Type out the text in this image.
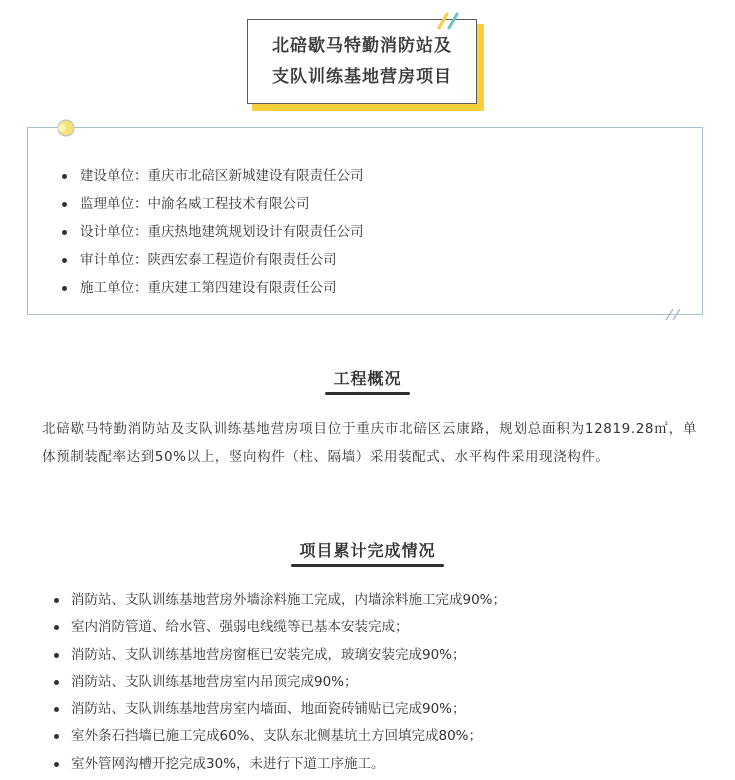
北碚歇马特勤消防站及
支队训练基地营房项目
建设单位：重庆市北碚区新城建设有限责任公司
监理单位：中渝名威工程技术有限公司
设计单位：重庆热地建筑规划设计有限责任公司
审计单位：陕西宏泰工程造价有限责任公司
施工单位：重庆建工第四建设有限责任公司
工程概况
北碚歇马特勤消防站及支队训练基地营房项目位于重庆市北碚区云康路，规划总面积为12819.28㎡，单体预制装配率达到50%以上，竖向构件（柱、隔墙）采用装配式、水平构件采用现浇构件。
项目累计完成情况
消防站、支队训练基地营房外墙涂料施工完成，内墙涂料施工完成90%；
室内消防管道、给水管、强弱电线缆等已基本安装完成；
消防站、支队训练基地营房窗框已安装完成，玻璃安装完成90%；
消防站、支队训练基地营房室内吊顶完成90%；
消防站、支队训练基地营房室内墙面、地面瓷砖铺贴已完成90%；
室外条石挡墙已施工完成60%、支队东北侧基坑土方回填完成80%；
室外管网沟槽开挖完成30%，未进行下道工序施工。
